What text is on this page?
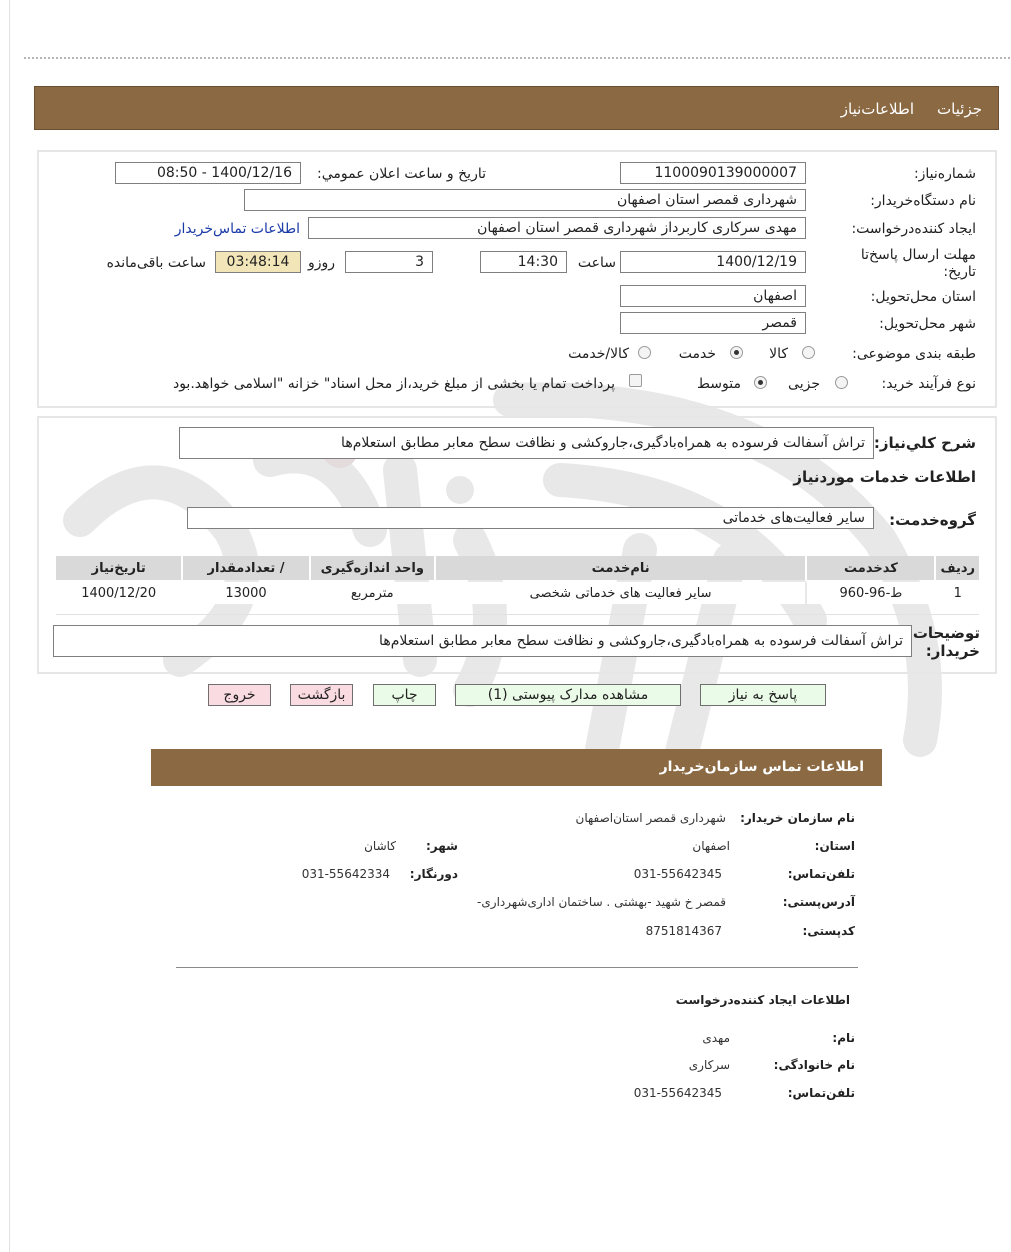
جزئیات
اطلاعات‌نیاز
شماره‌نیاز:
1100090139000007
تاریخ و ساعت اعلان عمومي:
1400/12/16 - 08:50
نام دستگاه‌خریدار:
شهرداری قمصر استان اصفهان
ایجاد کننده‌درخواست:
مهدی سرکاری کاربرداز شهرداری قمصر استان اصفهان
اطلاعات تماس‌خریدار
مهلت ارسال پاسخ‌تا تاریخ:
1400/12/19
ساعت
14:30
3
روزو
03:48:14
ساعت باقی‌مانده
استان محل‌تحویل:
اصفهان
شهر محل‌تحویل:
قمصر
طبقه بندی موضوعی:
کالا
خدمت
کالا/خدمت
نوع فرآیند خرید:
جزیی
متوسط
پرداخت تمام یا بخشی از مبلغ خرید،از محل اسناد" خزانه "اسلامی خواهد.بود
شرح کلي‌نیاز:
تراش آسفالت فرسوده به همراه‌بادگیری،جاروکشی و نظافت سطح معابر مطابق استعلام‌ها
اطلاعات خدمات موردنیاز
گروه‌خدمت:
سایر فعالیت‌های خدماتی
ردیف	کدخدمت	نام‌خدمت	واحد اندازه‌گیری	/ تعدادمقدار	تاریخ‌نیاز
1	ط-96-960	سایر فعالیت های خدماتی شخصی	مترمربع	13000	1400/12/20
توضیحات خریدار:
تراش آسفالت فرسوده به همراه‌بادگیری،جاروکشی و نظافت سطح معابر مطابق استعلام‌ها
پاسخ به نیاز
مشاهده مدارک پیوستی (1)
چاپ
بازگشت
خروج
اطلاعات تماس سازمان‌خریدار
نام سازمان خریدار:
شهرداری قمصر استان‌اصفهان
استان:
اصفهان
شهر:
کاشان
تلفن‌تماس:
031-55642345
دورنگار:
031-55642334
آدرس‌پستی:
قمصر خ شهید -بهشتی . ساختمان اداری‌شهرداری-
کدپستی:
8751814367
اطلاعات ایجاد کننده‌درخواست
نام:
مهدی
نام خانوادگی:
سرکاری
تلفن‌تماس:
031-55642345
